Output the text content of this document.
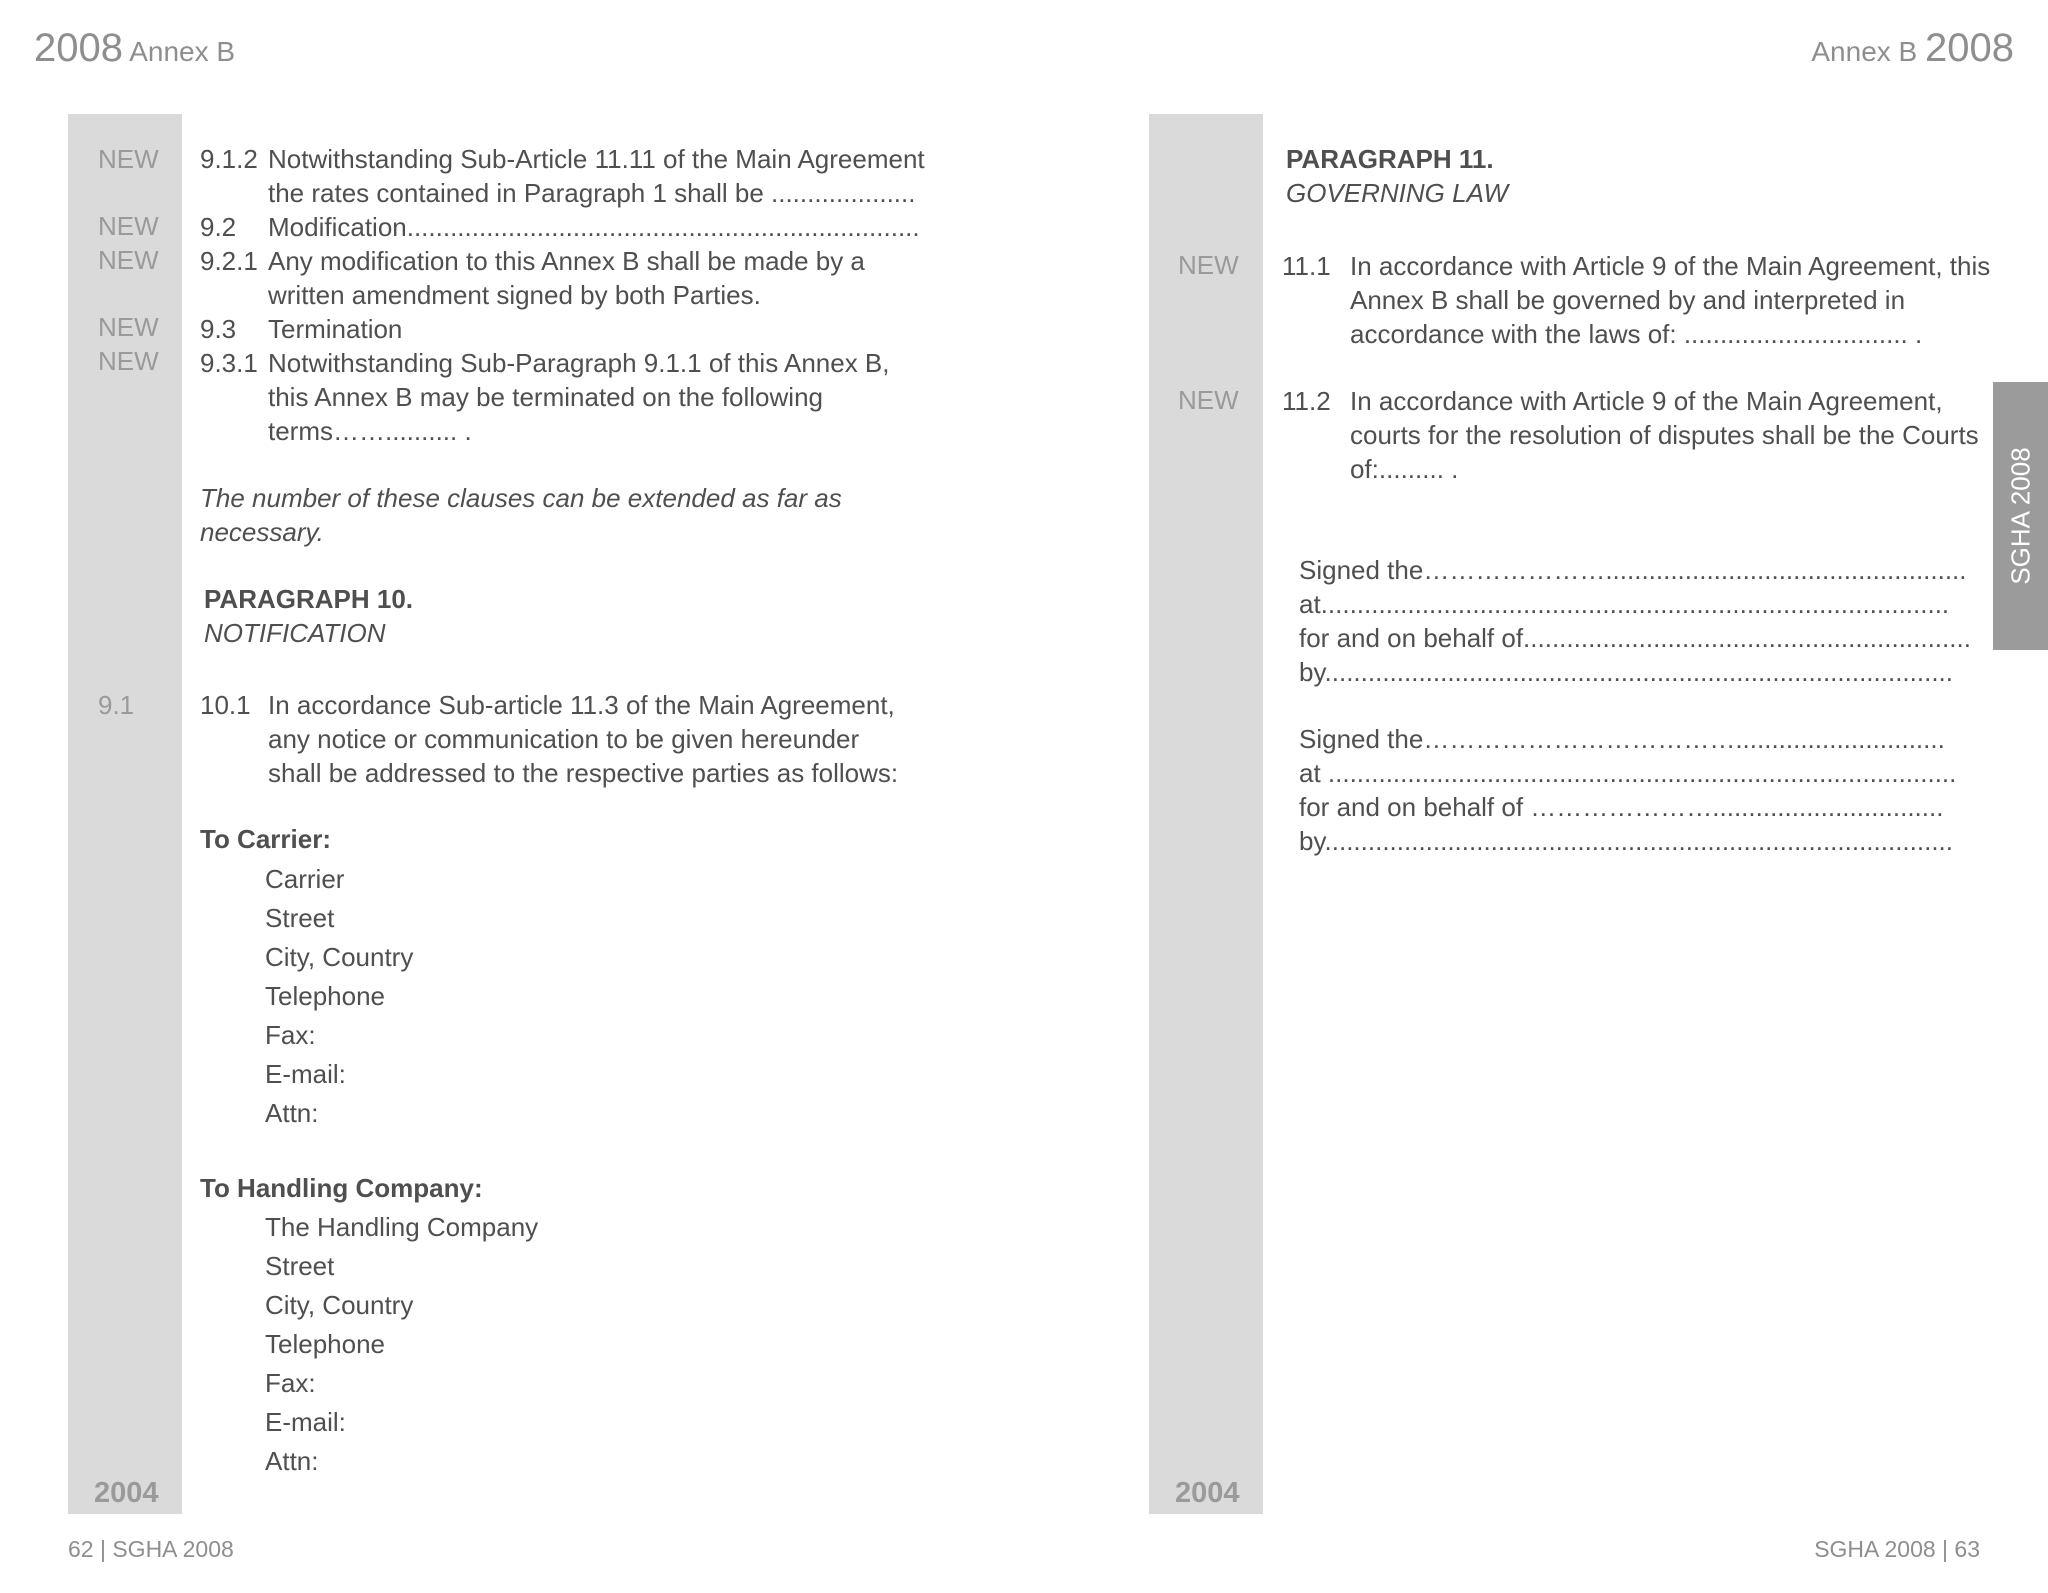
2008 Annex B	Annex B 2008
NEW
NEW
NEW
NEW
NEW
9.1
2004
9.1.2 Notwithstanding Sub-Article 11.11 of the Main Agreement
the rates contained in Paragraph 1 shall be ....................
9.2 Modification.......................................................................
9.2.1 Any modification to this Annex B shall be made by a
written amendment signed by both Parties.
9.3 Termination
9.3.1 Notwithstanding Sub-Paragraph 9.1.1 of this Annex B,
this Annex B may be terminated on the following
terms…….......... .
The number of these clauses can be extended as far as
necessary.
PARAGRAPH 10.
NOTIFICATION
10.1 In accordance Sub-article 11.3 of the Main Agreement,
any notice or communication to be given hereunder
shall be addressed to the respective parties as follows:
To Carrier:
Carrier
Street
City, Country
Telephone
Fax:
E-mail:
Attn:
To Handling Company:
The Handling Company
Street
City, Country
Telephone
Fax:
E-mail:
Attn:
NEW
NEW
2004
PARAGRAPH 11.
GOVERNING LAW
11.1 In accordance with Article 9 of the Main Agreement, this
Annex B shall be governed by and interpreted in
accordance with the laws of: ............................... .
11.2 In accordance with Article 9 of the Main Agreement,
courts for the resolution of disputes shall be the Courts
of:......... .
Signed the…………………..................................................
at.......................................................................................
for and on behalf of..............................................................
by.......................................................................................
Signed the……………………………….............................
at .......................................................................................
for and on behalf of …………………................................
by.......................................................................................
SGHA 2008
62 | SGHA 2008	SGHA 2008 | 63
